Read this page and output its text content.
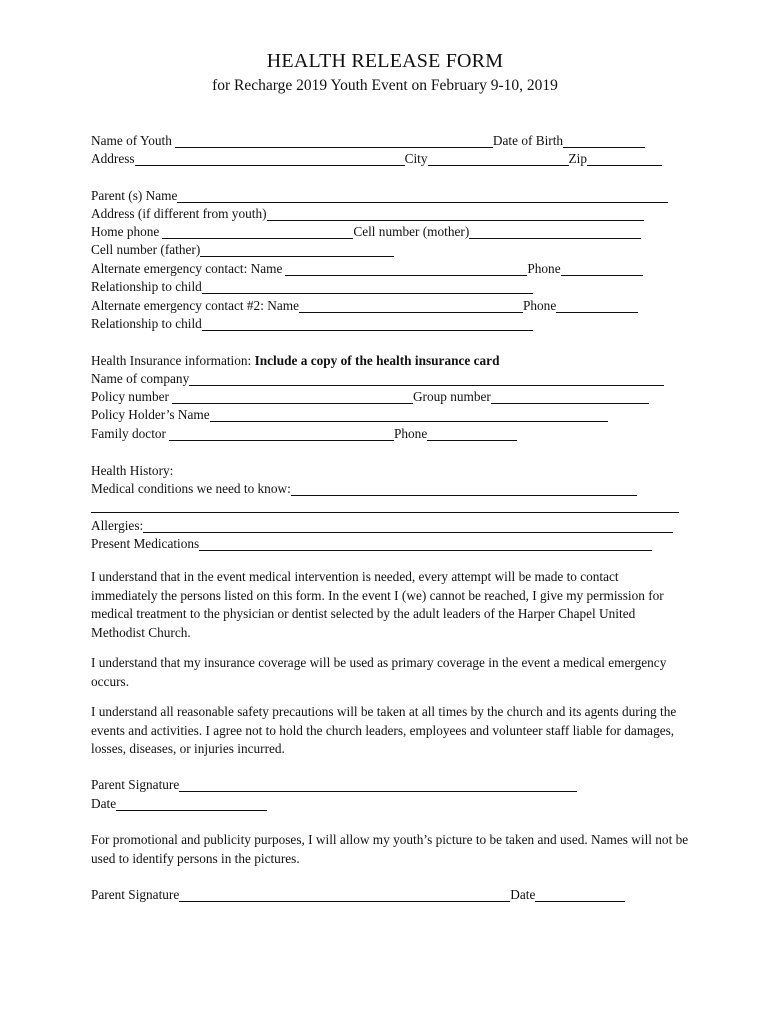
HEALTH RELEASE FORM
for Recharge 2019 Youth Event on February 9-10, 2019
Name of Youth	Date of Birth
Address	City	Zip
Parent (s) Name
Address (if different from youth)
Home phone	Cell number (mother)
Cell number (father)
Alternate emergency contact: Name	Phone
Relationship to child
Alternate emergency contact #2: Name	Phone
Relationship to child
Health Insurance information: Include a copy of the health insurance card
Name of company
Policy number	Group number
Policy Holder’s Name
Family doctor	Phone
Health History:
Medical conditions we need to know:
Allergies:
Present Medications
I understand that in the event medical intervention is needed, every attempt will be made to contact immediately the persons listed on this form. In the event I (we) cannot be reached, I give my permission for medical treatment to the physician or dentist selected by the adult leaders of the Harper Chapel United Methodist Church.
I understand that my insurance coverage will be used as primary coverage in the event a medical emergency occurs.
I understand all reasonable safety precautions will be taken at all times by the church and its agents during the events and activities. I agree not to hold the church leaders, employees and volunteer staff liable for damages, losses, diseases, or injuries incurred.
Parent Signature
Date
For promotional and publicity purposes, I will allow my youth’s picture to be taken and used. Names will not be used to identify persons in the pictures.
Parent Signature	Date
